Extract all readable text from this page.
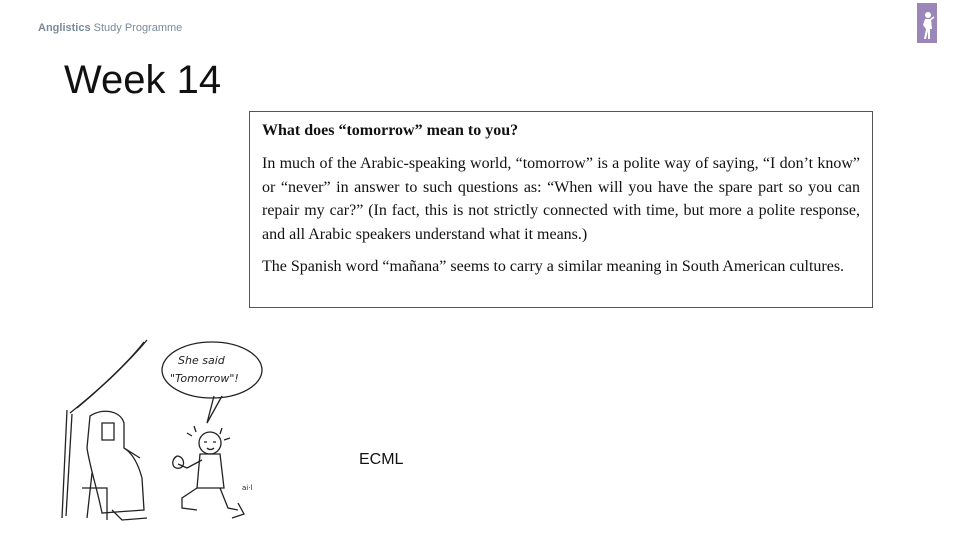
Anglistics Study Programme
Week 14
What does “tomorrow” mean to you?

In much of the Arabic-speaking world, “tomorrow” is a polite way of saying, “I don’t know” or “never” in answer to such questions as: “When will you have the spare part so you can repair my car?” (In fact, this is not strictly connected with time, but more a polite response, and all Arabic speakers understand what it means.)

The Spanish word “mañana” seems to carry a similar meaning in South American cultures.

She said
"Tomorrow"!
ai·l
ECML
